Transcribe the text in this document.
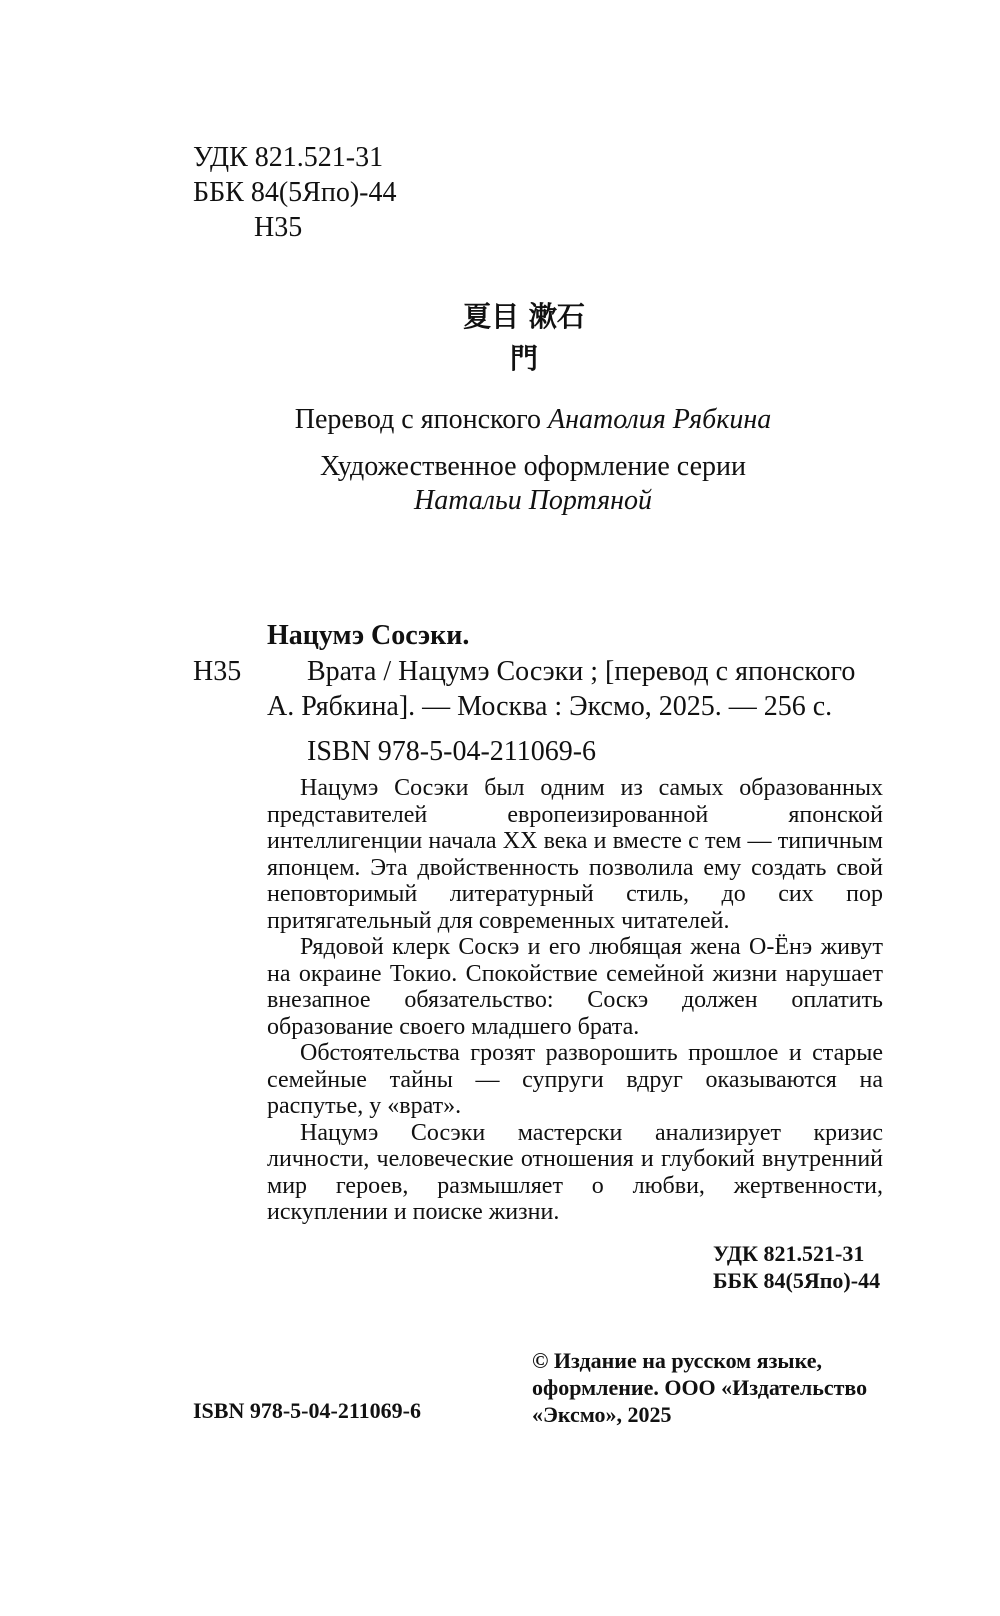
УДК 821.521-31
ББК 84(5Япо)-44
Н35
夏目 漱石
門
Перевод с японского Анатолия Рябкина
Художественное оформление серии
Натальи Портяной
Нацумэ Сосэки.
Н35 Врата / Нацумэ Сосэки ; [перевод с японского
А. Рябкина]. — Москва : Эксмо, 2025. — 256 с.
ISBN 978-5-04-211069-6

Нацумэ Сосэки был одним из самых образованных представителей европеизированной японской интеллигенции начала XX века и вместе с тем — типичным японцем. Эта двойственность позволила ему создать свой неповторимый литературный стиль, до сих пор притягательный для современных читателей.

Рядовой клерк Соскэ и его любящая жена О-Ёнэ живут на окраине Токио. Спокойствие семейной жизни нарушает внезапное обязательство: Соскэ должен оплатить образование своего младшего брата.

Обстоятельства грозят разворошить прошлое и старые семейные тайны — супруги вдруг оказываются на распутье, у «врат».

Нацумэ Сосэки мастерски анализирует кризис личности, человеческие отношения и глубокий внутренний мир героев, размышляет о любви, жертвенности, искуплении и поиске жизни.

УДК 821.521-31
ББК 84(5Япо)-44
ISBN 978-5-04-211069-6
© Издание на русском языке,
оформление. ООО «Издательство
«Эксмо», 2025
